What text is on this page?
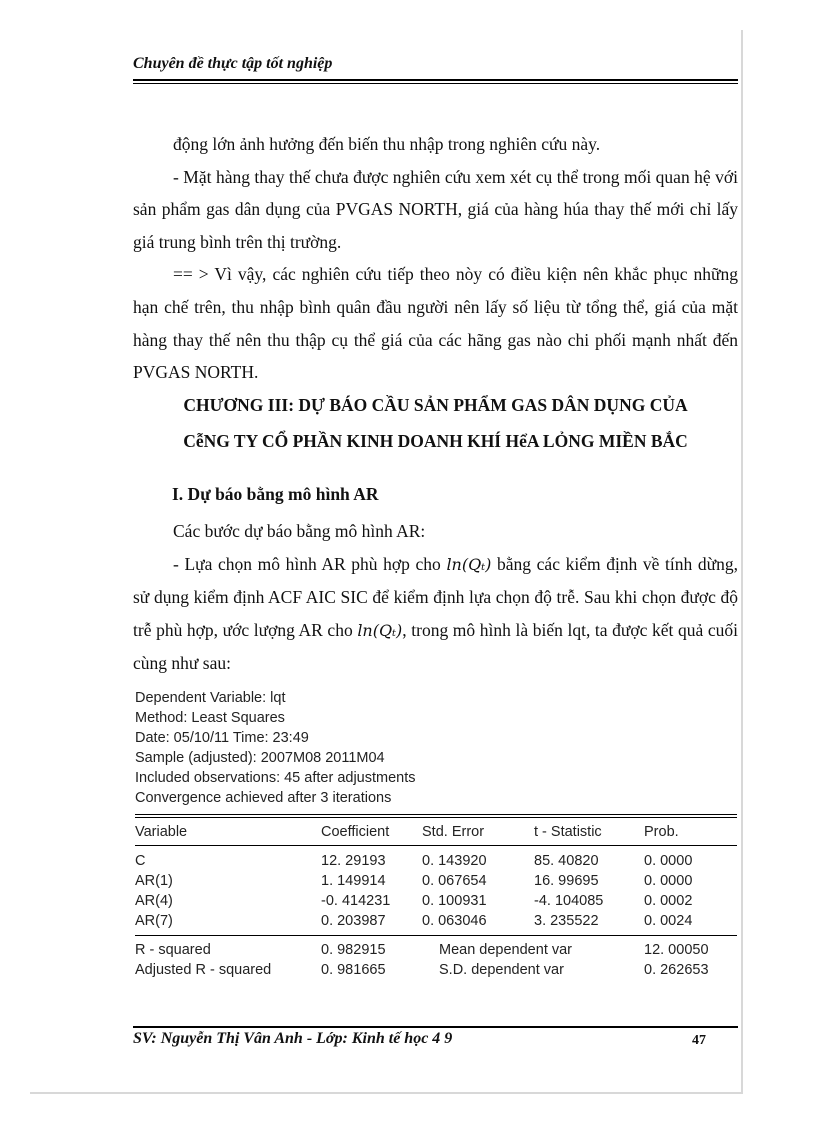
Chuyên đề thực tập tốt nghiệp
động lớn ảnh hưởng đến biến thu nhập trong nghiên cứu này.
- Mặt hàng thay thế chưa được nghiên cứu xem xét cụ thể trong mối quan hệ với sản phẩm gas dân dụng của PVGAS NORTH, giá của hàng húa thay thế mới chỉ lấy giá trung bình trên thị trường.
== > Vì vậy, các nghiên cứu tiếp theo nòy có điều kiện nên khắc phục những hạn chế trên, thu nhập bình quân đầu người nên lấy số liệu từ tổng thể, giá của mặt hàng thay thế nên thu thập cụ thể giá của các hãng gas nào chi phối mạnh nhất đến PVGAS NORTH.
CHƯƠNG III: DỰ BÁO CẦU SẢN PHẨM GAS DÂN DỤNG CỦA
CễNG TY CỔ PHẦN KINH DOANH KHÍ HểA LỎNG MIỀN BẮC
I. Dự báo bằng mô hình AR
Các bước dự báo bằng mô hình AR:
- Lựa chọn mô hình AR phù hợp cho ln(Qₜ) bằng các kiểm định về tính dừng, sử dụng kiểm định ACF AIC SIC để kiểm định lựa chọn độ trễ. Sau khi chọn được độ trễ phù hợp, ước lượng AR cho ln(Qₜ), trong mô hình là biến lqt, ta được kết quả cuối cùng như sau:
Dependent Variable: lqt
Method: Least Squares
Date: 05/10/11 Time: 23:49
Sample (adjusted): 2007M08 2011M04
Included observations: 45 after adjustments
Convergence achieved after 3 iterations
Variable	Coefficient	Std. Error	t - Statistic	Prob.
C	12. 29193	0. 143920	85. 40820	0. 0000
AR(1)	1. 149914	0. 067654	16. 99695	0. 0000
AR(4)	-0. 414231	0. 100931	-4. 104085	0. 0002
AR(7)	0. 203987	0. 063046	3. 235522	0. 0024
R - squared	0. 982915	Mean dependent var	12. 00050
Adjusted R - squared	0. 981665	S.D. dependent var	0. 262653
SV: Nguyễn Thị Vân Anh - Lớp: Kinh tế học 4 9	47
